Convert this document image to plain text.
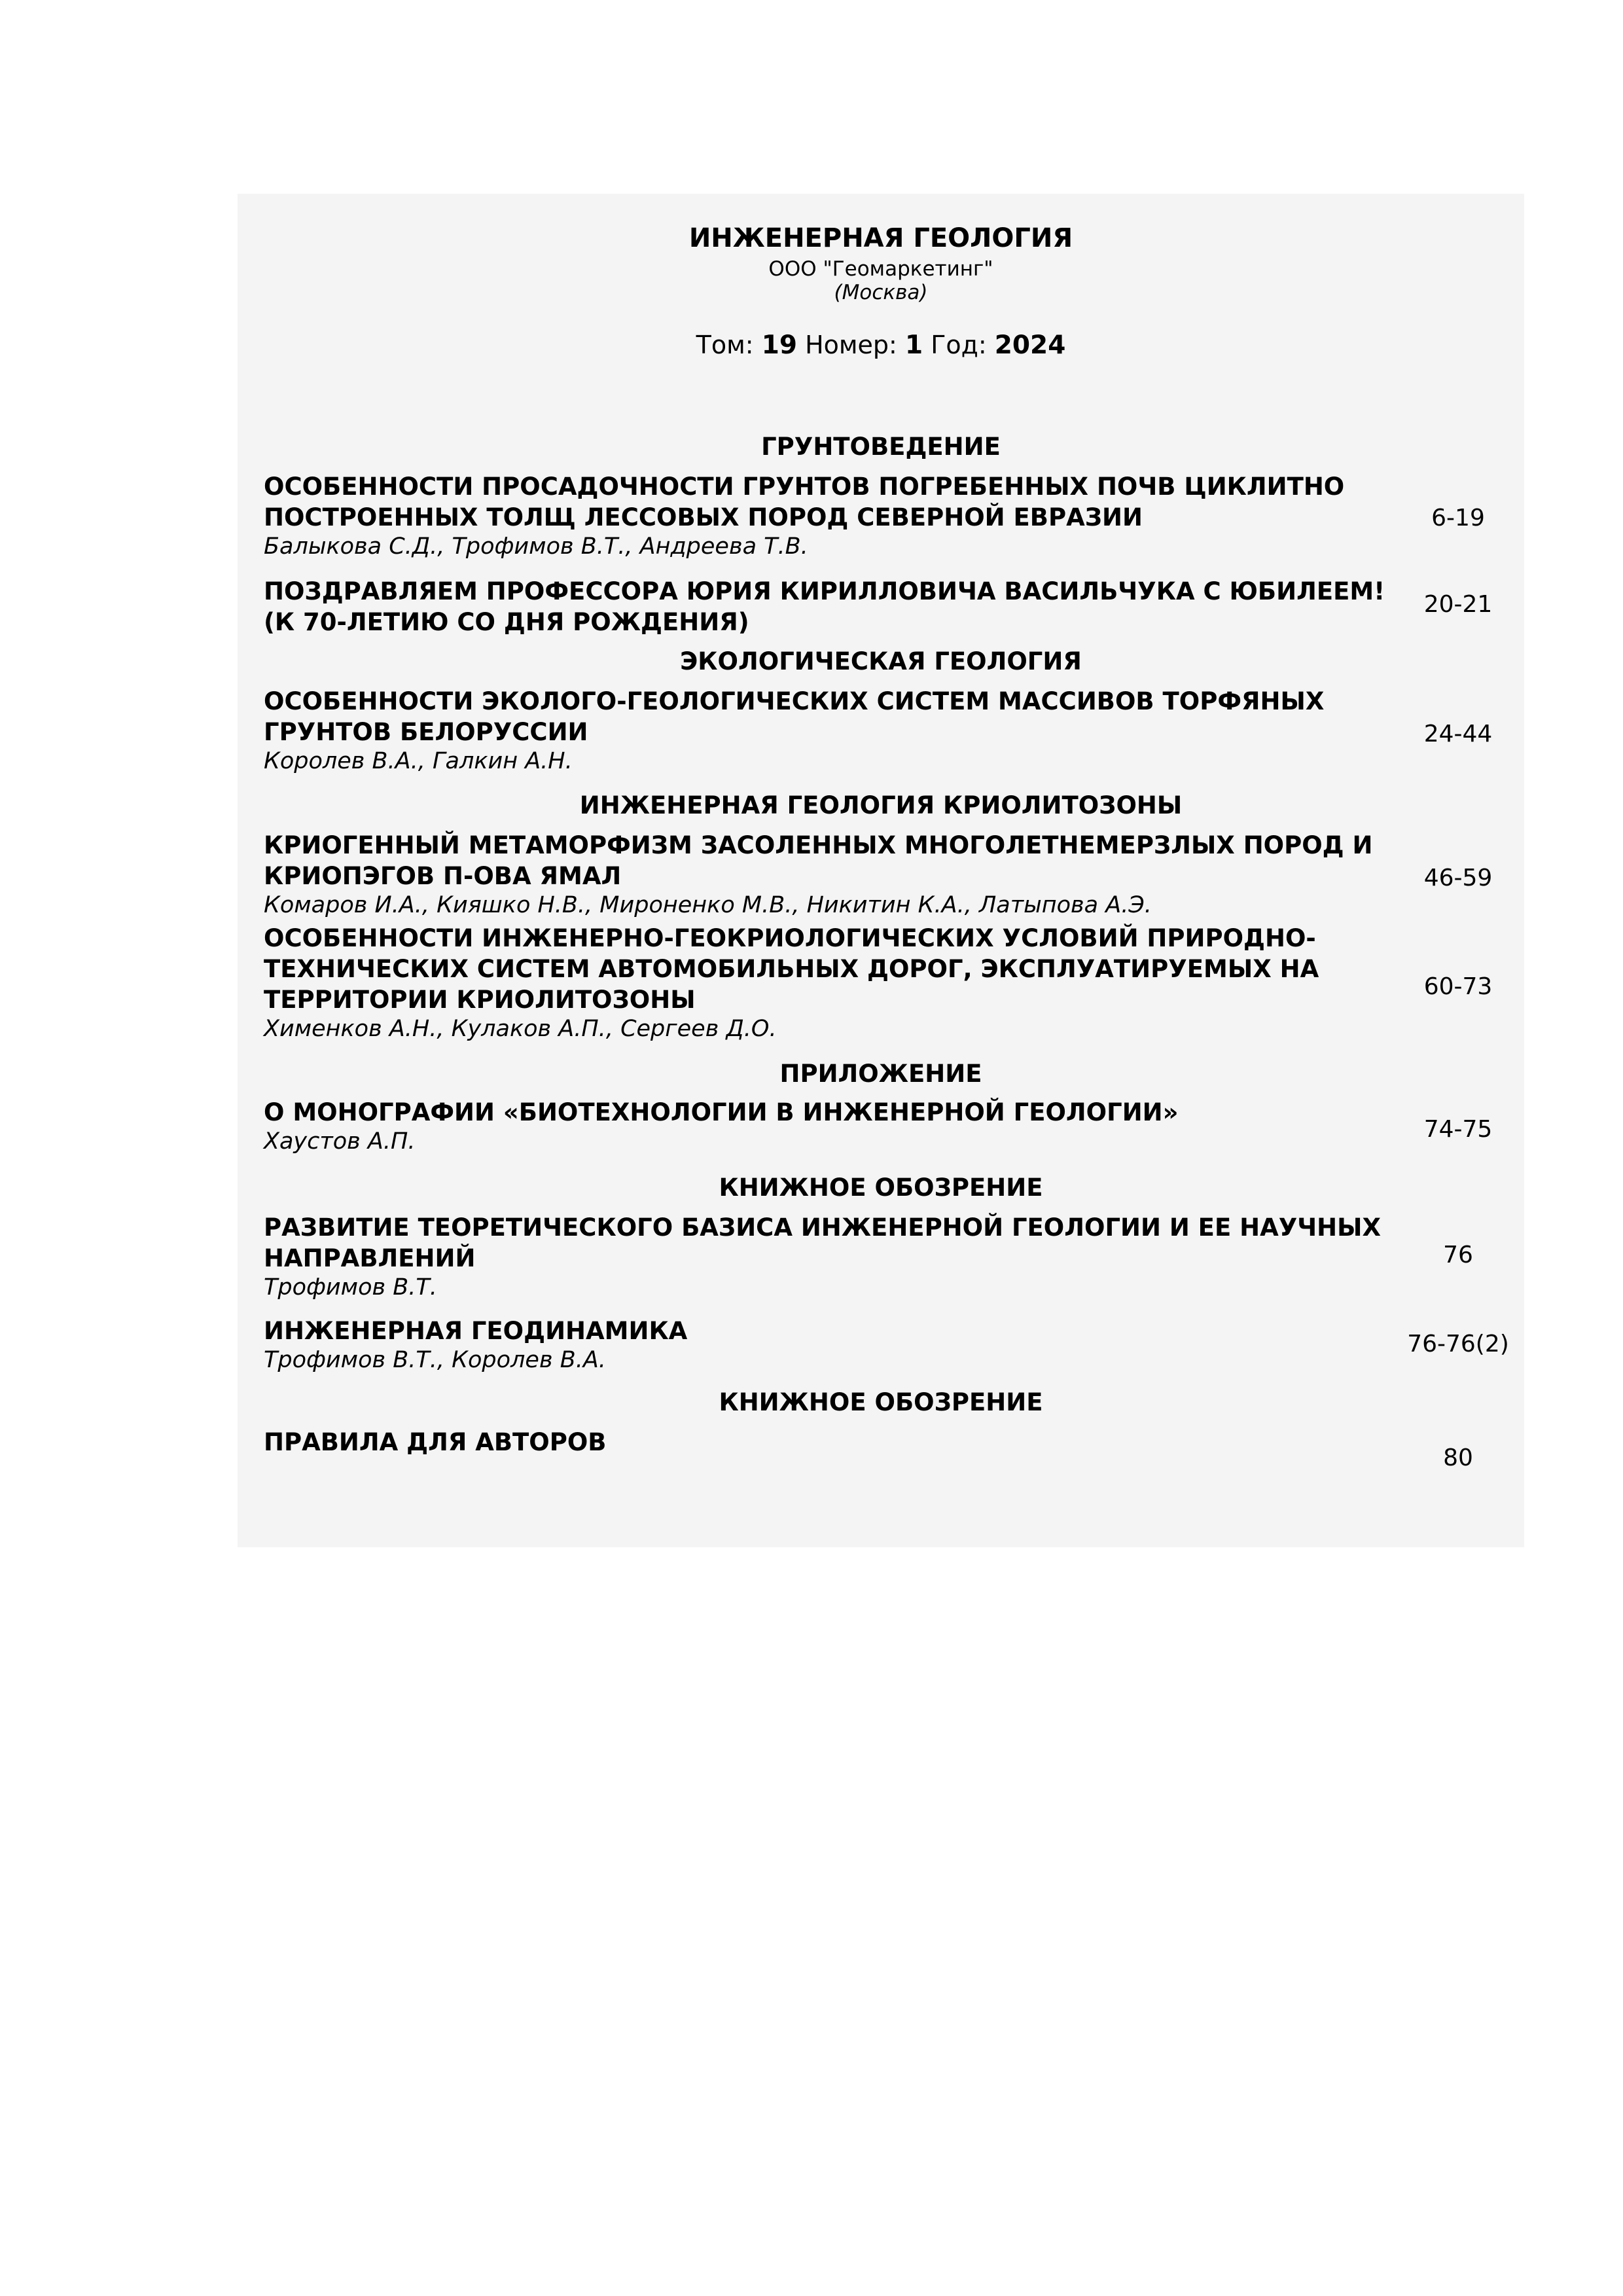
ИНЖЕНЕРНАЯ ГЕОЛОГИЯ
ООО "Геомаркетинг"
(Москва)
Том: 19 Номер: 1 Год: 2024
ГРУНТОВЕДЕНИЕ

ОСОБЕННОСТИ ПРОСАДОЧНОСТИ ГРУНТОВ ПОГРЕБЕННЫХ ПОЧВ ЦИКЛИТНО ПОСТРОЕННЫХ ТОЛЩ ЛЕССОВЫХ ПОРОД СЕВЕРНОЙ ЕВРАЗИИ

Балыкова С.Д., Трофимов В.Т., Андреева Т.В.

6-19

ПОЗДРАВЛЯЕМ ПРОФЕССОРА ЮРИЯ КИРИЛЛОВИЧА ВАСИЛЬЧУКА С ЮБИЛЕЕМ! (К 70-ЛЕТИЮ СО ДНЯ РОЖДЕНИЯ)

20-21
ЭКОЛОГИЧЕСКАЯ ГЕОЛОГИЯ

ОСОБЕННОСТИ ЭКОЛОГО-ГЕОЛОГИЧЕСКИХ СИСТЕМ МАССИВОВ ТОРФЯНЫХ ГРУНТОВ БЕЛОРУССИИ

Королев В.А., Галкин А.Н.

24-44
ИНЖЕНЕРНАЯ ГЕОЛОГИЯ КРИОЛИТОЗОНЫ

КРИОГЕННЫЙ МЕТАМОРФИЗМ ЗАСОЛЕННЫХ МНОГОЛЕТНЕМЕРЗЛЫХ ПОРОД И КРИОПЭГОВ П-ОВА ЯМАЛ

Комаров И.А., Кияшко Н.В., Мироненко М.В., Никитин К.А., Латыпова А.Э.

46-59

ОСОБЕННОСТИ ИНЖЕНЕРНО-ГЕОКРИОЛОГИЧЕСКИХ УСЛОВИЙ ПРИРОДНО-ТЕХНИЧЕСКИХ СИСТЕМ АВТОМОБИЛЬНЫХ ДОРОГ, ЭКСПЛУАТИРУЕМЫХ НА ТЕРРИТОРИИ КРИОЛИТОЗОНЫ

Хименков А.Н., Кулаков А.П., Сергеев Д.О.

60-73
ПРИЛОЖЕНИЕ

О МОНОГРАФИИ «БИОТЕХНОЛОГИИ В ИНЖЕНЕРНОЙ ГЕОЛОГИИ»

Хаустов А.П.	74-75
КНИЖНОЕ ОБОЗРЕНИЕ

РАЗВИТИЕ ТЕОРЕТИЧЕСКОГО БАЗИСА ИНЖЕНЕРНОЙ ГЕОЛОГИИ И ЕЕ НАУЧНЫХ НАПРАВЛЕНИЙ

Трофимов В.Т.

76

ИНЖЕНЕРНАЯ ГЕОДИНАМИКА

Трофимов В.Т., Королев В.А.

76-76(2)
КНИЖНОЕ ОБОЗРЕНИЕ

ПРАВИЛА ДЛЯ АВТОРОВ

80
